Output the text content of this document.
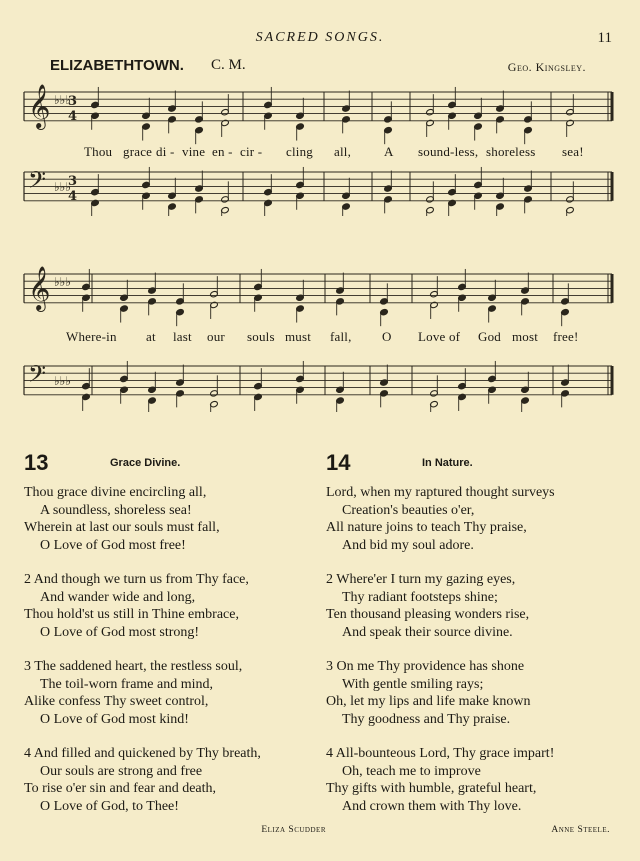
SACRED SONGS.	11
ELIZABETHTOWN. C. M.	Geo. Kingsley.
𝄞 ♭♭♭
3
4
𝄢 ♭♭♭
3
4
Thou grace di - vine en - cir - cling all,	A sound-less, shoreless sea!
𝄞 ♭♭♭
𝄢 ♭♭♭
Where-in at last our souls must fall, O Love of God most free!
13	$^{Grace Divine.}$
Thou grace divine encircling all,
A soundless, shoreless sea!
Wherein at last our souls must fall,
O Love of God most free!
2 And though we turn us from Thy face,
And wander wide and long,
Thou hold'st us still in Thine embrace,
O Love of God most strong!
3 The saddened heart, the restless soul,
The toil-worn frame and mind,
Alike confess Thy sweet control,
O Love of God most kind!
4 And filled and quickened by Thy breath,
Our souls are strong and free
To rise o'er sin and fear and death,
O Love of God, to Thee!
Eliza Scudder
14	$^{In Nature.}$
Lord, when my raptured thought surveys
Creation's beauties o'er,
All nature joins to teach Thy praise,
And bid my soul adore.
2 Where'er I turn my gazing eyes,
Thy radiant footsteps shine;
Ten thousand pleasing wonders rise,
And speak their source divine.
3 On me Thy providence has shone
With gentle smiling rays;
Oh, let my lips and life make known
Thy goodness and Thy praise.
4 All-bounteous Lord, Thy grace impart!
Oh, teach me to improve
Thy gifts with humble, grateful heart,
And crown them with Thy love.
Anne Steele.
